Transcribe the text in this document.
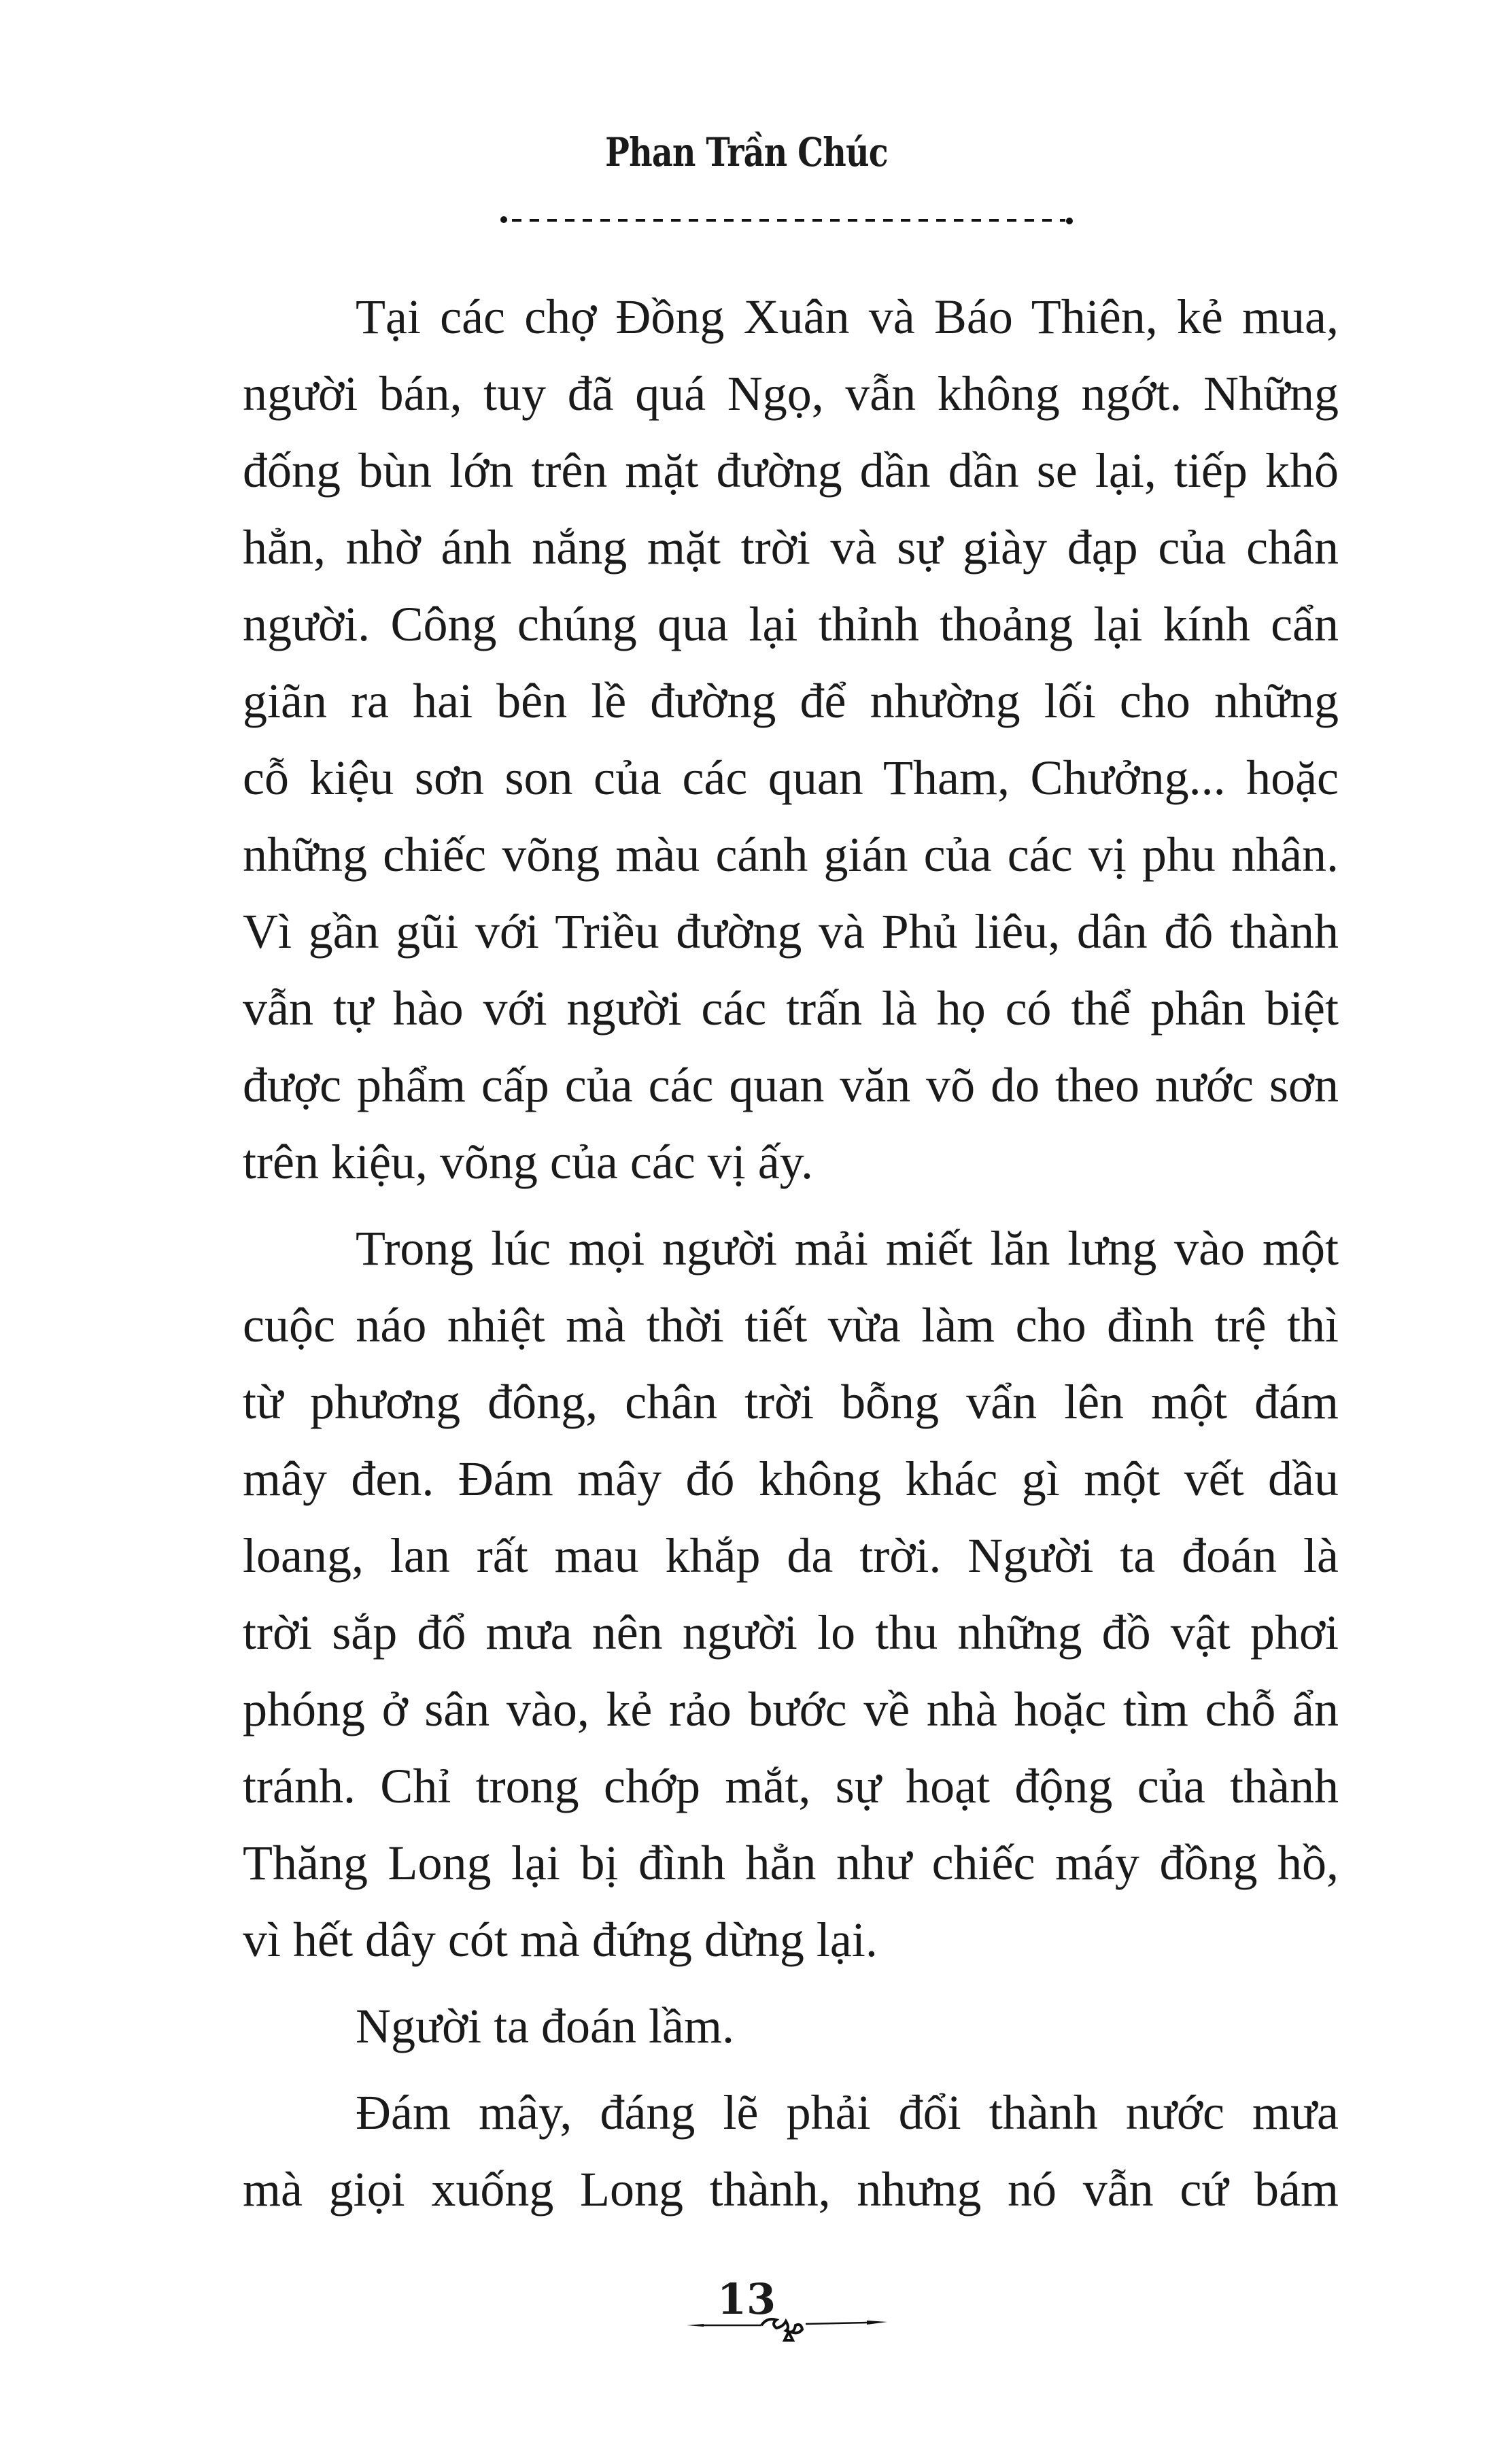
Phan Trần Chúc
Tại các chợ Đồng Xuân và Báo Thiên, kẻ mua,
người bán, tuy đã quá Ngọ, vẫn không ngớt. Những
đống bùn lớn trên mặt đường dần dần se lại, tiếp khô
hẳn, nhờ ánh nắng mặt trời và sự giày đạp của chân
người. Công chúng qua lại thỉnh thoảng lại kính cẩn
giãn ra hai bên lề đường để nhường lối cho những
cỗ kiệu sơn son của các quan Tham, Chưởng... hoặc
những chiếc võng màu cánh gián của các vị phu nhân.
Vì gần gũi với Triều đường và Phủ liêu, dân đô thành
vẫn tự hào với người các trấn là họ có thể phân biệt
được phẩm cấp của các quan văn võ do theo nước sơn
trên kiệu, võng của các vị ấy.
Trong lúc mọi người mải miết lăn lưng vào một
cuộc náo nhiệt mà thời tiết vừa làm cho đình trệ thì
từ phương đông, chân trời bỗng vẩn lên một đám
mây đen. Đám mây đó không khác gì một vết dầu
loang, lan rất mau khắp da trời. Người ta đoán là
trời sắp đổ mưa nên người lo thu những đồ vật phơi
phóng ở sân vào, kẻ rảo bước về nhà hoặc tìm chỗ ẩn
tránh. Chỉ trong chớp mắt, sự hoạt động của thành
Thăng Long lại bị đình hẳn như chiếc máy đồng hồ,
vì hết dây cót mà đứng dừng lại.
Người ta đoán lầm.
Đám mây, đáng lẽ phải đổi thành nước mưa
mà giọi xuống Long thành, nhưng nó vẫn cứ bám
13
